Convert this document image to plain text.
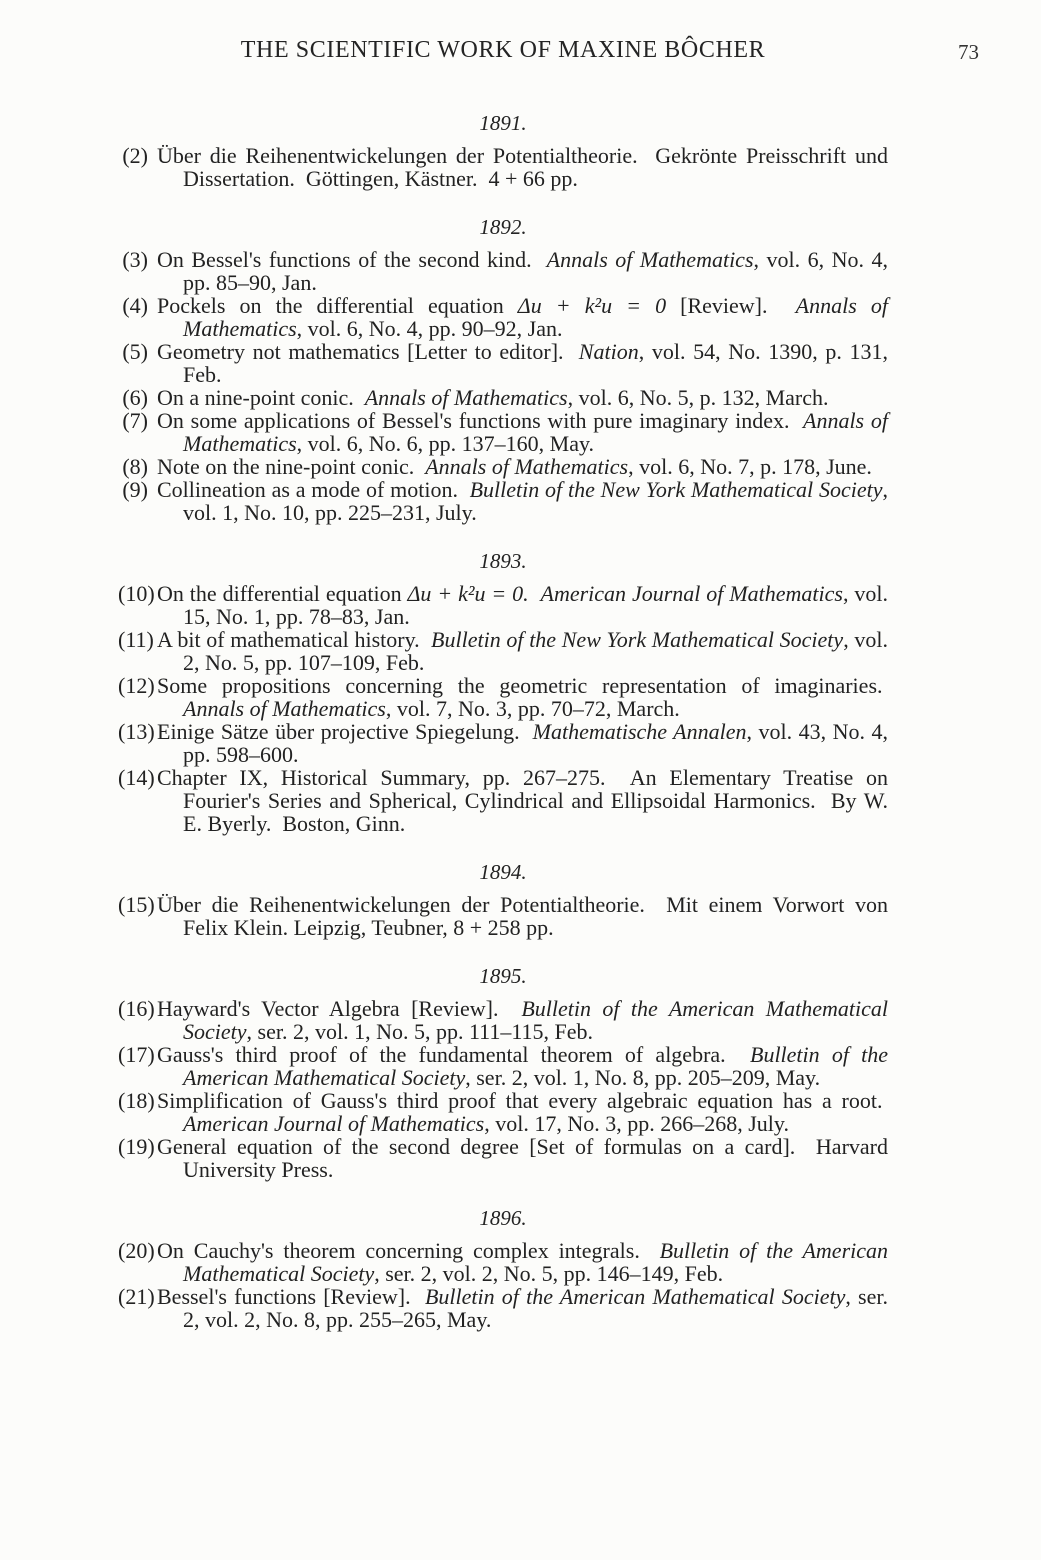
THE SCIENTIFIC WORK OF MAXINE BÔCHER	73
1891.

(2) Über die Reihenentwickelungen der Potentialtheorie.  Gekrönte Preisschrift und Dissertation.  Göttingen, Kästner.  4 + 66 pp.

1892.

(3) On Bessel's functions of the second kind.  Annals of Mathematics, vol. 6, No. 4, pp. 85–90, Jan.

(4) Pockels on the differential equation Δu + k²u = 0 [Review].  Annals of Mathematics, vol. 6, No. 4, pp. 90–92, Jan.

(5) Geometry not mathematics [Letter to editor].  Nation, vol. 54, No. 1390, p. 131, Feb.

(6) On a nine-point conic.  Annals of Mathematics, vol. 6, No. 5, p. 132, March.

(7) On some applications of Bessel's functions with pure imaginary index.  Annals of Mathematics, vol. 6, No. 6, pp. 137–160, May.

(8) Note on the nine-point conic.  Annals of Mathematics, vol. 6, No. 7, p. 178, June.

(9) Collineation as a mode of motion.  Bulletin of the New York Mathematical Society, vol. 1, No. 10, pp. 225–231, July.

1893.

(10) On the differential equation Δu + k²u = 0. American Journal of Mathematics, vol. 15, No. 1, pp. 78–83, Jan.

(11) A bit of mathematical history.  Bulletin of the New York Mathematical Society, vol. 2, No. 5, pp. 107–109, Feb.

(12) Some propositions concerning the geometric representation of imaginaries.  Annals of Mathematics, vol. 7, No. 3, pp. 70–72, March.

(13) Einige Sätze über projective Spiegelung.  Mathematische Annalen, vol. 43, No. 4, pp. 598–600.

(14) Chapter IX, Historical Summary, pp. 267–275.  An Elementary Treatise on Fourier's Series and Spherical, Cylindrical and Ellipsoidal Harmonics.  By W. E. Byerly.  Boston, Ginn.

1894.

(15) Über die Reihenentwickelungen der Potentialtheorie.  Mit einem Vorwort von Felix Klein. Leipzig, Teubner, 8 + 258 pp.

1895.

(16) Hayward's Vector Algebra [Review].  Bulletin of the American Mathematical Society, ser. 2, vol. 1, No. 5, pp. 111–115, Feb.

(17) Gauss's third proof of the fundamental theorem of algebra.  Bulletin of the American Mathematical Society, ser. 2, vol. 1, No. 8, pp. 205–209, May.

(18) Simplification of Gauss's third proof that every algebraic equation has a root.  American Journal of Mathematics, vol. 17, No. 3, pp. 266–268, July.

(19) General equation of the second degree [Set of formulas on a card].  Harvard University Press.

1896.

(20) On Cauchy's theorem concerning complex integrals.  Bulletin of the American Mathematical Society, ser. 2, vol. 2, No. 5, pp. 146–149, Feb.

(21) Bessel's functions [Review].  Bulletin of the American Mathematical Society, ser. 2, vol. 2, No. 8, pp. 255–265, May.
